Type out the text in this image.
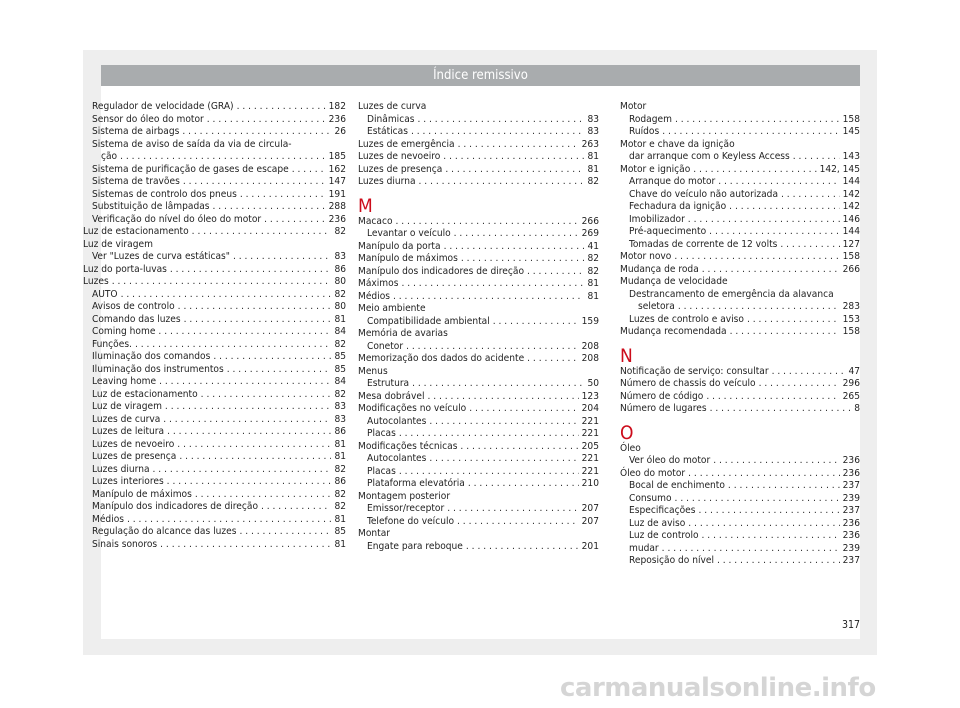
Índice remissivo
Regulador de velocidade (GRA) . . .	182
Sensor do óleo do motor . . .	236
Sistema de airbags . . .	26
Sistema de aviso de saída da via de circula-
ção . . .	185
Sistema de purificação de gases de escape . . .	162
Sistema de travões . . .	147
Sistemas de controlo dos pneus . . .	191
Substituição de lâmpadas . . .	288
Verificação do nível do óleo do motor . . .	236
Luz de estacionamento . . .	82
Luz de viragem
Ver "Luzes de curva estáticas" . . .	83
Luz do porta-luvas . . .	86
Luzes . . .	80
AUTO . . .	82
Avisos de controlo . . .	80
Comando das luzes . . .	81
Coming home . . .	84
Funções. . . .	82
Iluminação dos comandos . . .	85
Iluminação dos instrumentos . . .	85
Leaving home . . .	84
Luz de estacionamento . . .	82
Luz de viragem . . .	83
Luzes de curva . . .	83
Luzes de leitura . . .	86
Luzes de nevoeiro . . .	81
Luzes de presença . . .	81
Luzes diurna . . .	82
Luzes interiores . . .	86
Manípulo de máximos . . .	82
Manípulo dos indicadores de direção . . .	82
Médios . . .	81
Regulação do alcance das luzes . . .	85
Sinais sonoros . . .	81
Luzes de curva
Dinâmicas . . .	83
Estáticas . . .	83
Luzes de emergência . . .	263
Luzes de nevoeiro . . .	81
Luzes de presença . . .	81
Luzes diurna . . .	82
M
Macaco . . .	266
Levantar o veículo . . .	269
Manípulo da porta . . .	41
Manípulo de máximos . . .	82
Manípulo dos indicadores de direção . . .	82
Máximos . . .	81
Médios . . .	81
Meio ambiente
Compatibilidade ambiental . . .	159
Memória de avarias
Conetor . . .	208
Memorização dos dados do acidente . . .	208
Menus
Estrutura . . .	50
Mesa dobrável . . .	123
Modificações no veículo . . .	204
Autocolantes . . .	221
Placas . . .	221
Modificações técnicas . . .	205
Autocolantes . . .	221
Placas . . .	221
Plataforma elevatória . . .	210
Montagem posterior
Emissor/receptor . . .	207
Telefone do veículo . . .	207
Montar
Engate para reboque . . .	201
Motor
Rodagem . . .	158
Ruídos . . .	145
Motor e chave da ignição
dar arranque com o Keyless Access . . .	143
Motor e ignição . . .	142, 145
Arranque do motor . . .	144
Chave do veículo não autorizada . . .	142
Fechadura da ignição . . .	142
Imobilizador . . .	146
Pré-aquecimento . . .	144
Tomadas de corrente de 12 volts . . .	127
Motor novo . . .	158
Mudança de roda . . .	266
Mudança de velocidade
Destrancamento de emergência da alavanca
seletora . . .	283
Luzes de controlo e aviso . . .	153
Mudança recomendada . . .	158
N
Notificação de serviço: consultar . . .	47
Número de chassis do veículo . . .	296
Número de código . . .	265
Número de lugares . . .	8
O
Óleo
Ver óleo do motor . . .	236
Óleo do motor . . .	236
Bocal de enchimento . . .	237
Consumo . . .	239
Especificações . . .	237
Luz de aviso . . .	236
Luz de controlo . . .	236
mudar . . .	239
Reposição do nível . . .	237
317
carmanualsonline.info
